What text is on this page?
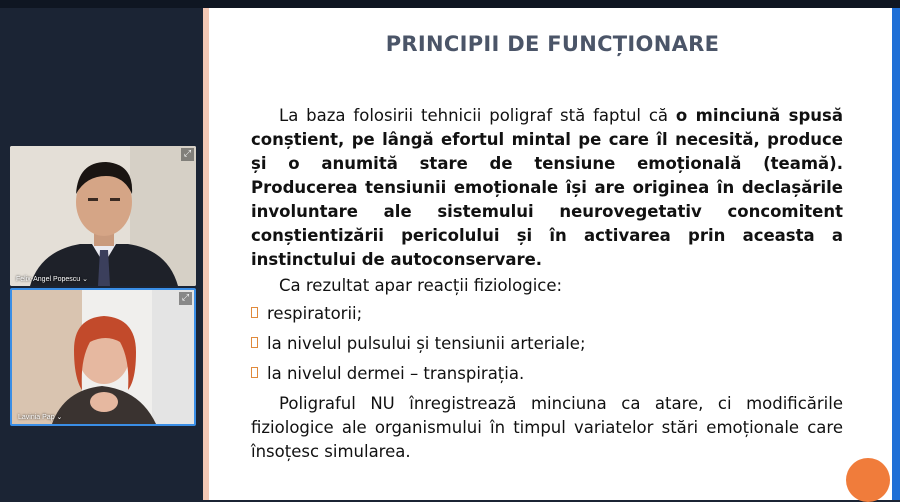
⤢
Felix-Angel Popescu ⌄
⤢
Lavinia Pap ⌄
PRINCIPII DE FUNCȚIONARE

La baza folosirii tehnicii poligraf stă faptul că o minciună spusă conștient, pe lângă efortul mintal pe care îl necesită, produce și o anumită stare de tensiune emoțională (teamă). Producerea tensiunii emoționale își are originea în declașările involuntare ale sistemului neurovegetativ concomitent conștientizării pericolului și în activarea prin aceasta a instinctului de autoconservare.

Ca rezultat apar reacții fiziologice:

respiratorii;
la nivelul pulsului și tensiunii arteriale;
la nivelul dermei – transpirația.

Poligraful NU înregistrează minciuna ca atare, ci modificările fiziologice ale organismului în timpul variatelor stări emoționale care însoțesc simularea.
